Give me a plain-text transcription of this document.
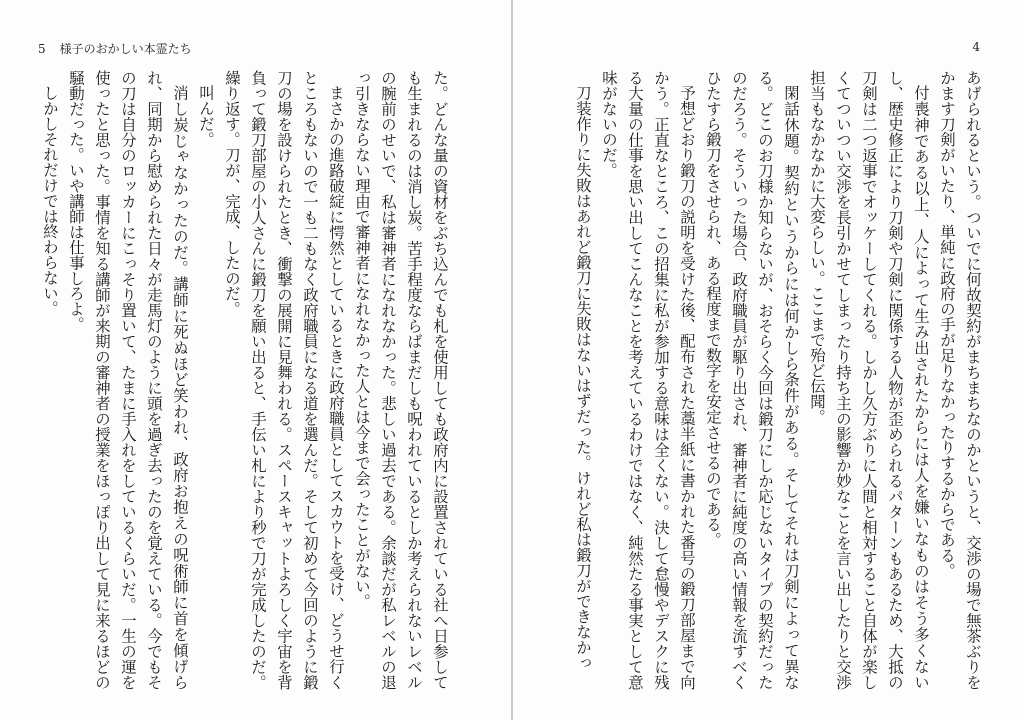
5 様子のおかしい本霊たち

た。どんな量の資材をぶち込んでも札を使用しても政府内に設置されている社へ日参しても生まれるのは消し炭。苦手程度ならばまだしも呪われているとしか考えられないレベルの腕前のせいで、私は審神者になれなかった。悲しい過去である。余談だが私レベルの退っ引きならない理由で審神者になれなかった人とは今まで会ったことがない。

まさかの進路破綻に愕然としているときに政府職員としてスカウトを受け、どうせ行くところもないので一も二もなく政府職員になる道を選んだ。そして初めて今回のように鍛刀の場を設けられたとき、衝撃の展開に見舞われる。スペースキャットよろしく宇宙を背負って鍛刀部屋の小人さんに鍛刀を願い出ると、手伝い札により秒で刀が完成したのだ。繰り返す。刀が、完成、したのだ。

叫んだ。

消し炭じゃなかったのだ。講師に死ぬほど笑われ、政府お抱えの呪術師に首を傾げられ、同期から慰められた日々が走馬灯のように頭を過ぎ去ったのを覚えている。今でもその刀は自分のロッカーにこっそり置いて、たまに手入れをしているくらいだ。一生の運を使ったと思った。事情を知る講師が来期の審神者の授業をほっぽり出して見に来るほどの騒動だった。いや講師は仕事しろよ。

しかしそれだけでは終わらない。

4

あげられるという。ついでに何故契約がまちまちなのかというと、交渉の場で無茶ぶりをかます刀剣がいたり、単純に政府の手が足りなかったりするからである。

付喪神である以上、人によって生み出されたからには人を嫌いなものはそう多くないし、歴史修正により刀剣や刀剣に関係する人物が歪められるパターンもあるため、大抵の刀剣は二つ返事でオッケーしてくれる。しかし久方ぶりに人間と相対すること自体が楽しくてついつい交渉を長引かせてしまったり持ち主の影響か妙なことを言い出したりと交渉担当もなかなかに大変らしい。ここまで殆ど伝聞。

閑話休題。契約というからには何かしら条件がある。そしてそれは刀剣によって異なる。どこのお刀様か知らないが、おそらく今回は鍛刀にしか応じないタイプの契約だったのだろう。そういった場合、政府職員が駆り出され、審神者に純度の高い情報を流すべくひたすら鍛刀をさせられ、ある程度まで数字を安定させるのである。

予想どおり鍛刀の説明を受けた後、配布された藁半紙に書かれた番号の鍛刀部屋まで向かう。正直なところ、この招集に私が参加する意味は全くない。決して怠慢やデスクに残る大量の仕事を思い出してこんなことを考えているわけではなく、純然たる事実として意味がないのだ。

刀装作りに失敗はあれど鍛刀に失敗はないはずだった。けれど私は鍛刀ができなかっ
